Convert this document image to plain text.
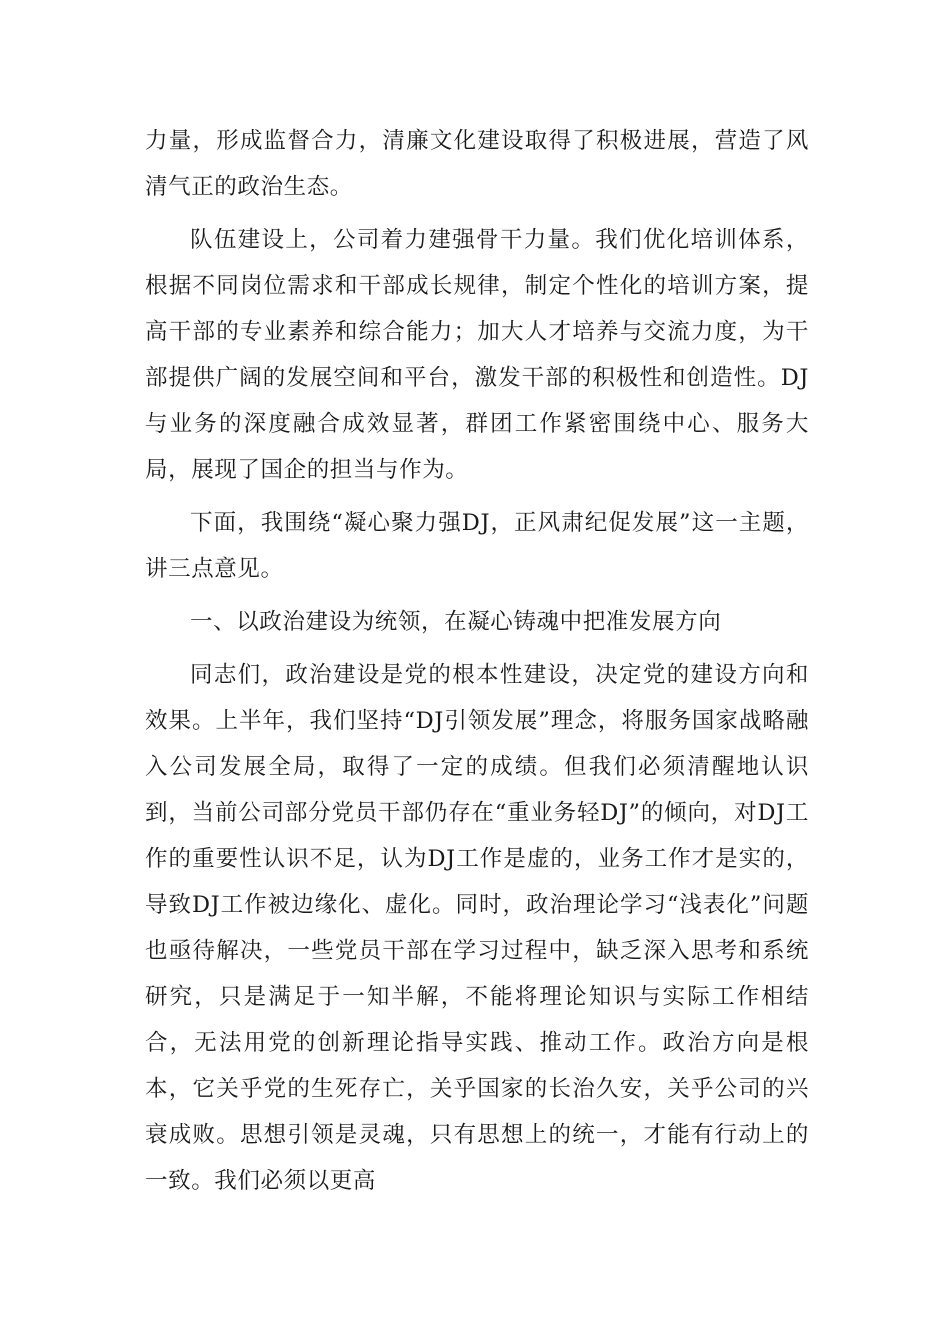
力量，形成监督合力，清廉文化建设取得了积极进展，营造了风清气正的政治生态。

队伍建设上，公司着力建强骨干力量。我们优化培训体系，根据不同岗位需求和干部成长规律，制定个性化的培训方案，提高干部的专业素养和综合能力；加大人才培养与交流力度，为干部提供广阔的发展空间和平台，激发干部的积极性和创造性。DJ与业务的深度融合成效显著，群团工作紧密围绕中心、服务大局，展现了国企的担当与作为。

下面，我围绕“凝心聚力强DJ，正风肃纪促发展”这一主题，讲三点意见。

一、以政治建设为统领，在凝心铸魂中把准发展方向

同志们，政治建设是党的根本性建设，决定党的建设方向和效果。上半年，我们坚持“DJ引领发展”理念，将服务国家战略融入公司发展全局，取得了一定的成绩。但我们必须清醒地认识到，当前公司部分党员干部仍存在“重业务轻DJ”的倾向，对DJ工作的重要性认识不足，认为DJ工作是虚的，业务工作才是实的，导致DJ工作被边缘化、虚化。同时，政治理论学习“浅表化”问题也亟待解决，一些党员干部在学习过程中，缺乏深入思考和系统研究，只是满足于一知半解，不能将理论知识与实际工作相结合，无法用党的创新理论指导实践、推动工作。政治方向是根本，它关乎党的生死存亡，关乎国家的长治久安，关乎公司的兴衰成败。思想引领是灵魂，只有思想上的统一，才能有行动上的一致。我们必须以更高
